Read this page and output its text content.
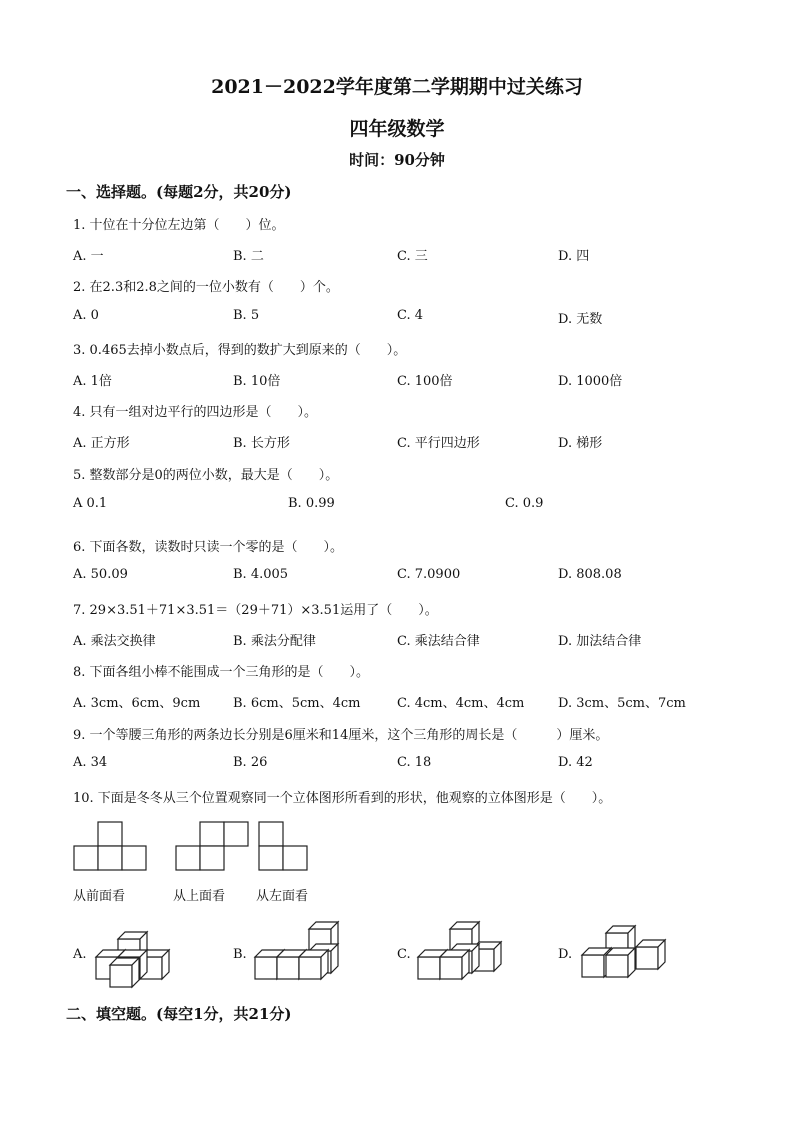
2021－2022学年度第二学期期中过关练习
四年级数学
时间：90分钟
一、选择题。(每题2分，共20分)
1. 十位在十分位左边第（　　）位。
A. 一	B. 二	C. 三	D. 四
2. 在2.3和2.8之间的一位小数有（　　）个。
A. 0	B. 5	C. 4	D. 无数
3. 0.465去掉小数点后，得到的数扩大到原来的（　　）。
A. 1倍	B. 10倍	C. 100倍	D. 1000倍
4. 只有一组对边平行的四边形是（　　）。
A. 正方形	B. 长方形	C. 平行四边形	D. 梯形
5. 整数部分是0的两位小数，最大是（　　）。
A 0.1	B. 0.99	C. 0.9
6. 下面各数，读数时只读一个零的是（　　）。
A. 50.09	B. 4.005	C. 7.0900	D. 808.08
7. 29×3.51＋71×3.51＝（29＋71）×3.51运用了（　　）。
A. 乘法交换律	B. 乘法分配律	C. 乘法结合律	D. 加法结合律
8. 下面各组小棒不能围成一个三角形的是（　　）。
A. 3cm、6cm、9cm	B. 6cm、5cm、4cm	C. 4cm、4cm、4cm	D. 3cm、5cm、7cm
9. 一个等腰三角形的两条边长分别是6厘米和14厘米，这个三角形的周长是（　　　）厘米。
A. 34	B. 26	C. 18	D. 42
10. 下面是冬冬从三个位置观察同一个立体图形所看到的形状，他观察的立体图形是（　　）。
从前面看	从上面看 从左面看
A.	B.	C.	D.
二、填空题。(每空1分，共21分)
